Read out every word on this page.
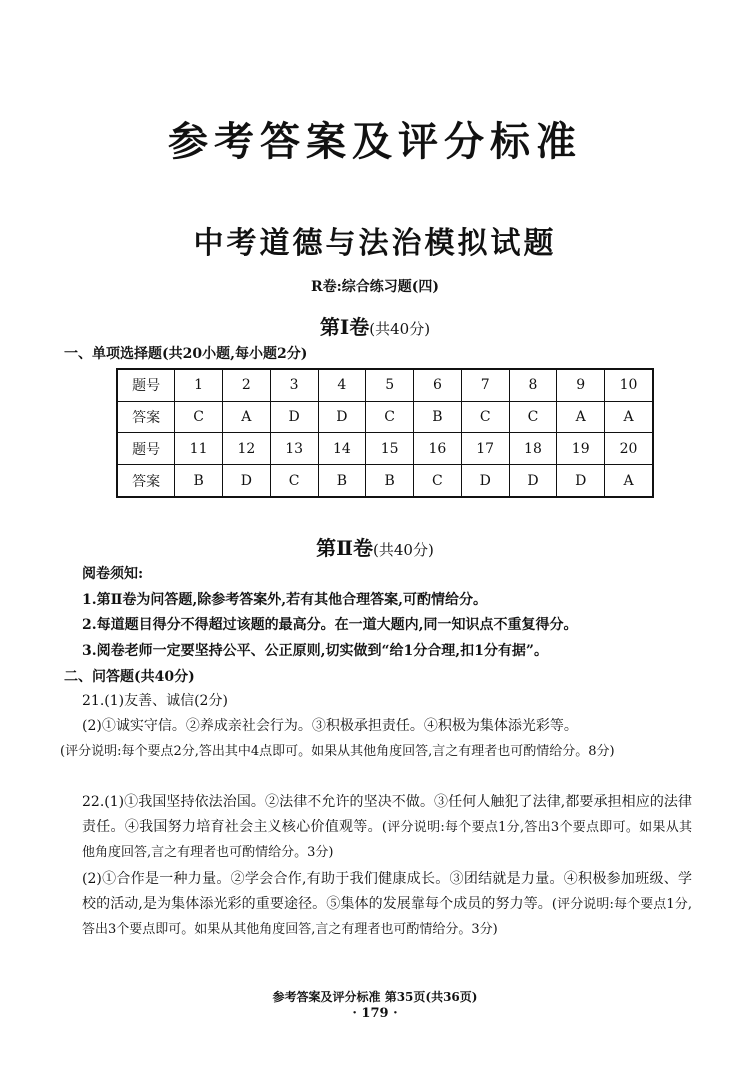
参考答案及评分标准
中考道德与法治模拟试题
R卷:综合练习题(四)
第Ⅰ卷(共40分)
一、单项选择题(共20小题,每小题2分)
题号	1	2	3	4	5	6	7	8	9	10
答案	C	A	D	D	C	B	C	C	A	A
题号	11	12	13	14	15	16	17	18	19	20
答案	B	D	C	B	B	C	D	D	D	A
第Ⅱ卷(共40分)
阅卷须知:
1.第Ⅱ卷为问答题,除参考答案外,若有其他合理答案,可酌情给分。
2.每道题目得分不得超过该题的最高分。在一道大题内,同一知识点不重复得分。
3.阅卷老师一定要坚持公平、公正原则,切实做到“给1分合理,扣1分有据”。
二、问答题(共40分)
21.(1)友善、诚信(2分)
(2)①诚实守信。②养成亲社会行为。③积极承担责任。④积极为集体添光彩等。
(评分说明:每个要点2分,答出其中4点即可。如果从其他角度回答,言之有理者也可酌情给分。8分)
22.(1)①我国坚持依法治国。②法律不允许的坚决不做。③任何人触犯了法律,都要承担相应的法律责任。④我国努力培育社会主义核心价值观等。(评分说明:每个要点1分,答出3个要点即可。如果从其他角度回答,言之有理者也可酌情给分。3分)
(2)①合作是一种力量。②学会合作,有助于我们健康成长。③团结就是力量。④积极参加班级、学校的活动,是为集体添光彩的重要途径。⑤集体的发展靠每个成员的努力等。(评分说明:每个要点1分,答出3个要点即可。如果从其他角度回答,言之有理者也可酌情给分。3分)
参考答案及评分标准 第35页(共36页)
· 179 ·
